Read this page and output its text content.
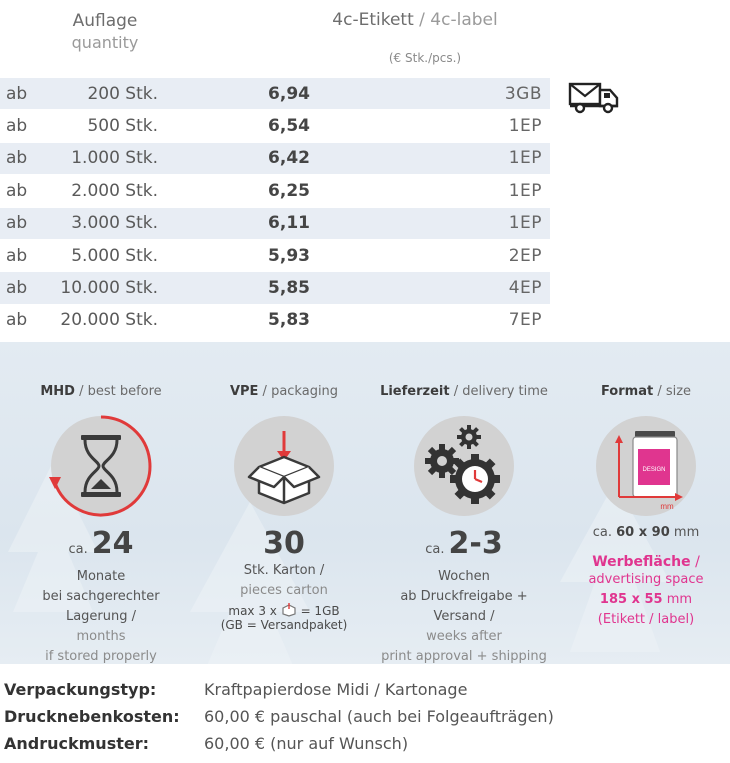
Auflage
quantity
4c-Etikett / 4c-label
(€ Stk./pcs.)
ab	200 Stk.	6,94	3GB
ab	500 Stk.	6,54	1EP
ab	1.000 Stk.	6,42	1EP
ab	2.000 Stk.	6,25	1EP
ab	3.000 Stk.	6,11	1EP
ab	5.000 Stk.	5,93	2EP
ab	10.000 Stk.	5,85	4EP
ab	20.000 Stk.	5,83	7EP
MHD / best before
ca. 24
Monate
bei sachgerechter Lagerung /
months
if stored properly
VPE / packaging
30
Stk. Karton /
pieces carton
max 3 x = 1GB
(GB = Versandpaket)
Lieferzeit / delivery time
ca. 2-3
Wochen
ab Druckfreigabe + Versand /
weeks after
print approval + shipping
Format / size
DESIGN
mm
ca. 60 x 90 mm
Werbefläche /
advertising space
185 x 55 mm
(Etikett / label)
Verpackungstyp:	Kraftpapierdose Midi / Kartonage
Drucknebenkosten:	60,00 € pauschal (auch bei Folgeaufträgen)
Andruckmuster:	60,00 € (nur auf Wunsch)
